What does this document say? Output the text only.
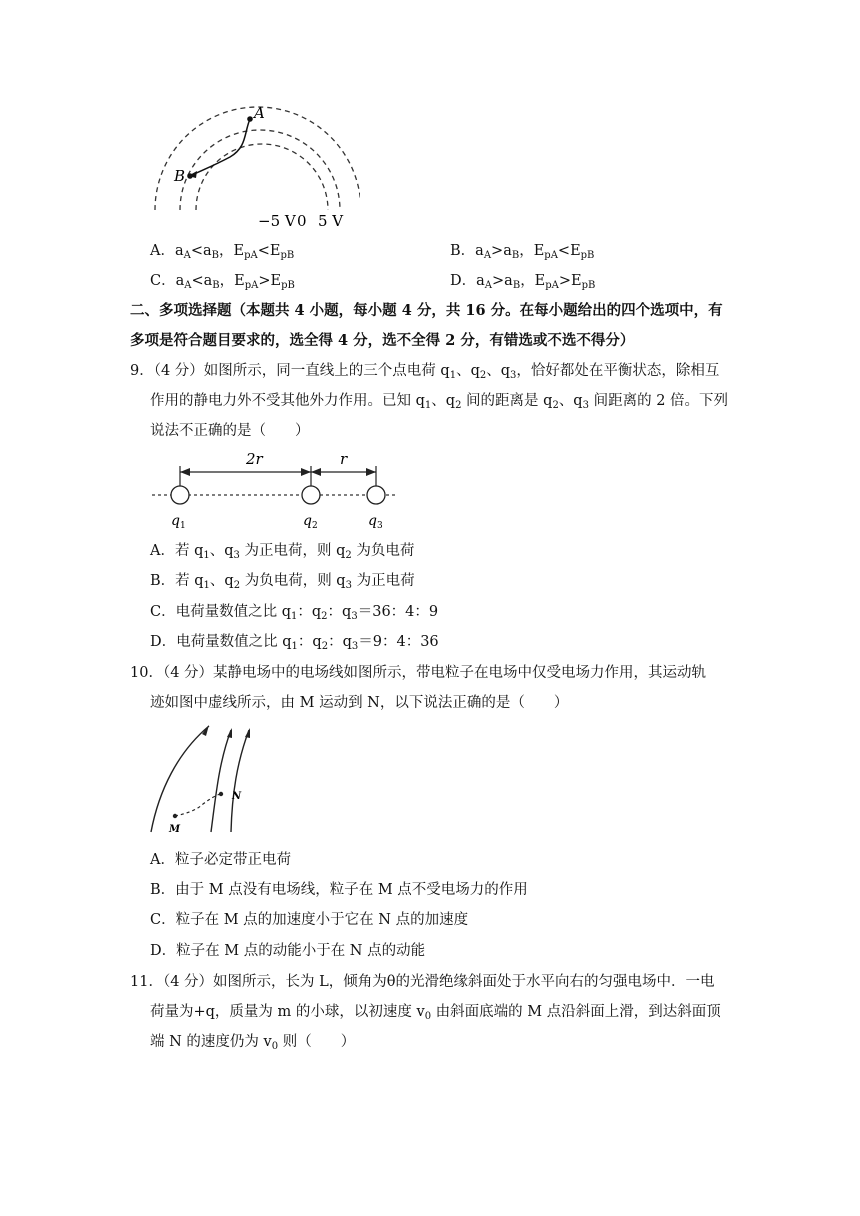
A
B
−5 V 0 5 V
A．$a_A<a_B$，$E_{pA}<E_{pB}$	B．$a_A>a_B$，$E_{pA}<E_{pB}$
C．$a_A<a_B$，$E_{pA}>E_{pB}$	D．$a_A>a_B$，$E_{pA}>E_{pB}$
二、多项选择题（本题共 4 小题，每小题 4 分，共 16 分。在每小题给出的四个选项中，有
多项是符合题目要求的，选全得 4 分，选不全得 2 分，有错选或不选不得分）
9．（4 分）如图所示，同一直线上的三个点电荷 $q_1$、$q_2$、$q_3$，恰好都处在平衡状态，除相互
作用的静电力外不受其他外力作用。已知 $q_1$、$q_2$ 间的距离是 $q_2$、$q_3$ 间距离的 2 倍。下列
说法不正确的是（　　）
2r	r
$q_1$	$q_2$	$q_3$
A．若 $q_1$、$q_3$ 为正电荷，则 $q_2$ 为负电荷
B．若 $q_1$、$q_2$ 为负电荷，则 $q_3$ 为正电荷
C．电荷量数值之比 $q_1$：$q_2$：$q_3=36$：4：9
D．电荷量数值之比 $q_1$：$q_2$：$q_3=9$：4：36
10．（4 分）某静电场中的电场线如图所示，带电粒子在电场中仅受电场力作用，其运动轨
迹如图中虚线所示，由 M 运动到 N，以下说法正确的是（　　）
M
N
A．粒子必定带正电荷
B．由于 M 点没有电场线，粒子在 M 点不受电场力的作用
C．粒子在 M 点的加速度小于它在 N 点的加速度
D．粒子在 M 点的动能小于在 N 点的动能
11．（4 分）如图所示，长为 L，倾角为θ的光滑绝缘斜面处于水平向右的匀强电场中．一电
荷量为+q，质量为 m 的小球，以初速度 $v_0$ 由斜面底端的 M 点沿斜面上滑，到达斜面顶
端 N 的速度仍为 $v_0$ 则（　　）
